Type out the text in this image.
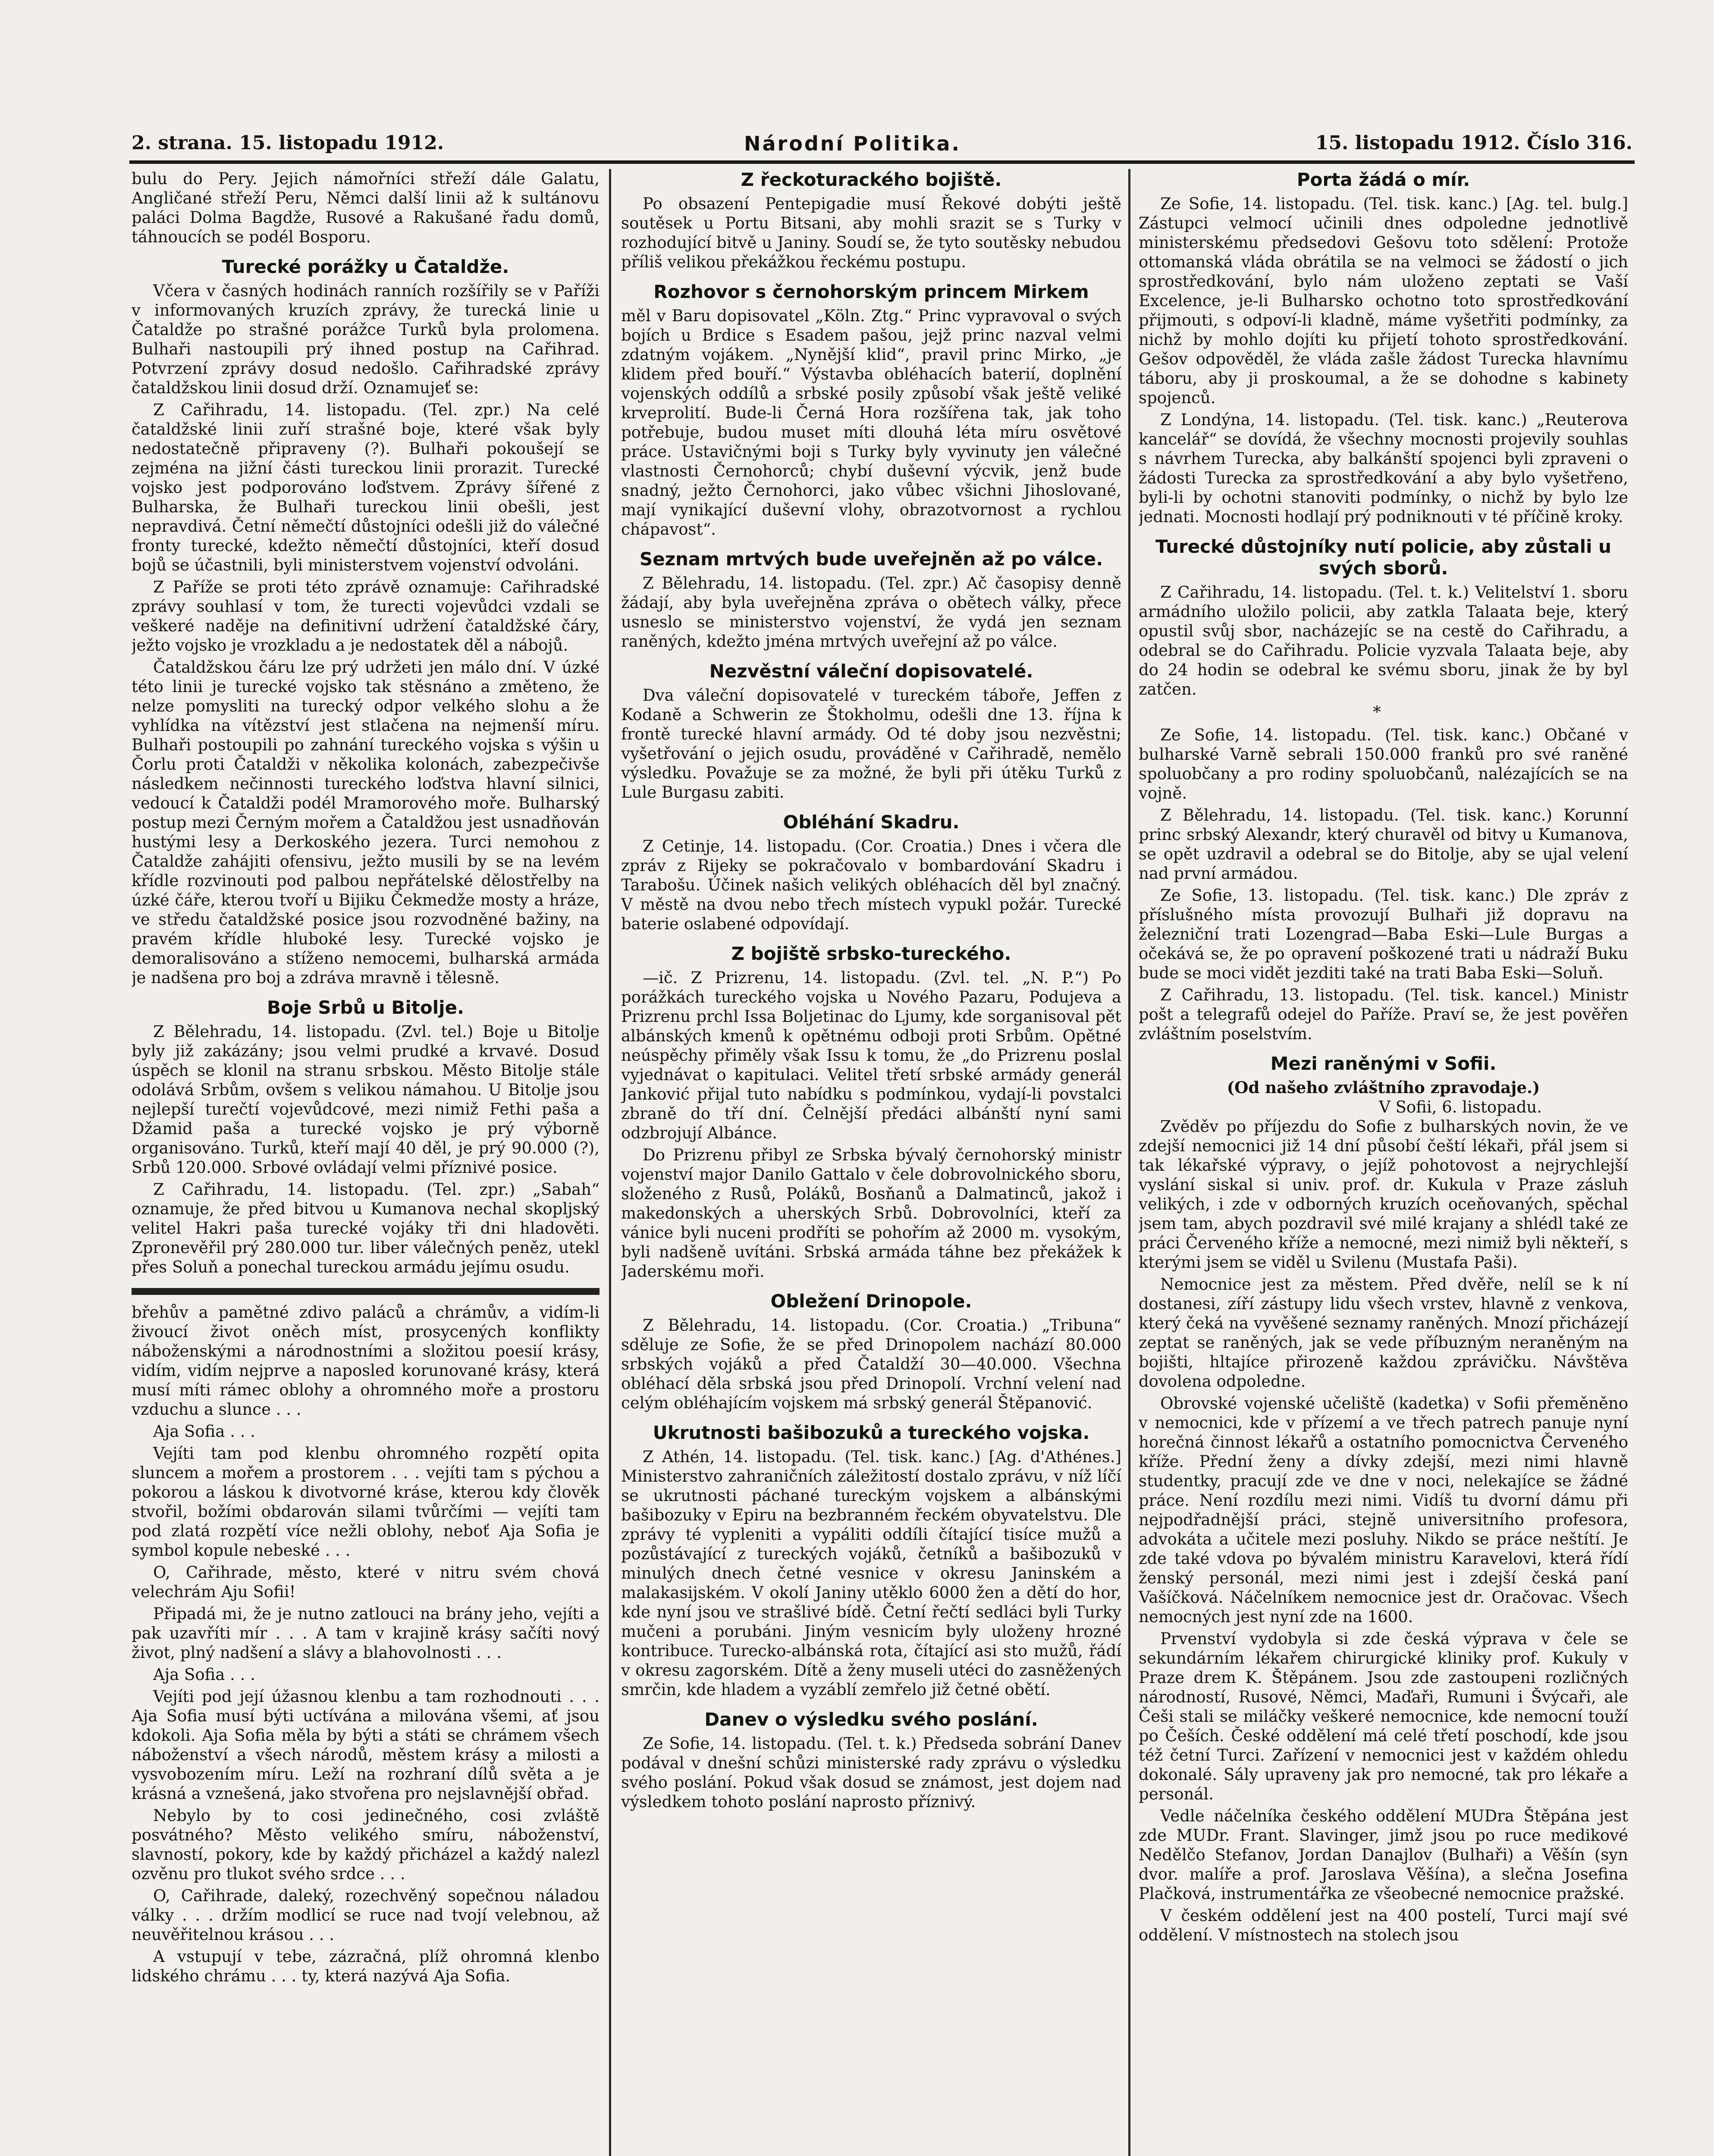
2. strana. 15. listopadu 1912.	Národní Politika.	15. listopadu 1912. Číslo 316.

bulu do Pery. Jejich námořníci střeží dále Galatu, Angličané střeží Peru, Němci další linii až k sultánovu paláci Dolma Bagdže, Rusové a Rakušané řadu domů, táhnoucích se podél Bosporu.

Turecké porážky u Čataldže.

Včera v časných hodinách ranních rozšířily se v Paříži v informovaných kruzích zprávy, že turecká linie u Čataldže po strašné porážce Turků byla prolomena. Bulhaři nastoupili prý ihned postup na Cařihrad. Potvrzení zprávy dosud nedošlo. Cařihradské zprávy čataldžskou linii dosud drží. Oznamujeť se:

Z Cařihradu, 14. listopadu. (Tel. zpr.) Na celé čataldžské linii zuří strašné boje, které však byly nedostatečně připraveny (?). Bulhaři pokoušejí se zejména na jižní části tureckou linii prorazit. Turecké vojsko jest podporováno loďstvem. Zprávy šířené z Bulharska, že Bulhaři tureckou linii obešli, jest nepravdivá. Četní němečtí důstojníci odešli již do válečné fronty turecké, kdežto němečtí důstojníci, kteří dosud bojů se účastnili, byli ministerstvem vojenství odvoláni.

Z Paříže se proti této zprávě oznamuje: Cařihradské zprávy souhlasí v tom, že turecti vojevůdci vzdali se veškeré naděje na definitivní udržení čataldžské čáry, ježto vojsko je vrozkladu a je nedostatek děl a nábojů.

Čataldžskou čáru lze prý udržeti jen málo dní. V úzké této linii je turecké vojsko tak stěsnáno a změteno, že nelze pomysliti na turecký odpor velkého slohu a že vyhlídka na vítězství jest stlačena na nejmenší míru. Bulhaři postoupili po zahnání tureckého vojska s výšin u Čorlu proti Čataldži v několika kolonách, zabezpečivše následkem nečinnosti tureckého loďstva hlavní silnici, vedoucí k Čataldži podél Mramorového moře. Bulharský postup mezi Černým mořem a Čataldžou jest usnadňován hustými lesy a Derkoského jezera. Turci nemohou z Čataldže zahájiti ofensivu, ježto musili by se na levém křídle rozvinouti pod palbou nepřátelské dělostřelby na úzké čáře, kterou tvoří u Bijiku Čekmedže mosty a hráze, ve středu čataldžské posice jsou rozvodněné bažiny, na pravém křídle hluboké lesy. Turecké vojsko je demoralisováno a stíženo nemocemi, bulharská armáda je nadšena pro boj a zdráva mravně i tělesně.

Boje Srbů u Bitolje.

Z Bělehradu, 14. listopadu. (Zvl. tel.) Boje u Bitolje byly již zakázány; jsou velmi prudké a krvavé. Dosud úspěch se klonil na stranu srbskou. Město Bitolje stále odolává Srbům, ovšem s velikou námahou. U Bitolje jsou nejlepší turečtí vojevůdcové, mezi nimiž Fethi paša a Džamid paša a turecké vojsko je prý výborně organisováno. Turků, kteří mají 40 děl, je prý 90.000 (?), Srbů 120.000. Srbové ovládají velmi příznivé posice.

Z Cařihradu, 14. listopadu. (Tel. zpr.) „Sabah“ oznamuje, že před bitvou u Kumanova nechal skopljský velitel Hakri paša turecké vojáky tři dni hladověti. Zpronevěřil prý 280.000 tur. liber válečných peněz, utekl přes Soluň a ponechal tureckou armádu jejímu osudu.

břehův a pamětné zdivo paláců a chrámův, a vidím-li živoucí život oněch míst, prosycených konflikty náboženskými a národnostními a složitou poesií krásy, vidím, vidím nejprve a naposled korunované krásy, která musí míti rámec oblohy a ohromného moře a prostoru vzduchu a slunce . . .

Aja Sofia . . .

Vejíti tam pod klenbu ohromného rozpětí opita sluncem a mořem a prostorem . . . vejíti tam s pýchou a pokorou a láskou k divotvorné kráse, kterou kdy člověk stvořil, božími obdarován silami tvůrčími — vejíti tam pod zlatá rozpětí více nežli oblohy, neboť Aja Sofia je symbol kopule nebeské . . .

O, Cařihrade, město, které v nitru svém chová velechrám Aju Sofii!

Připadá mi, že je nutno zatlouci na brány jeho, vejíti a pak uzavříti mír . . . A tam v krajině krásy sačíti nový život, plný nadšení a slávy a blahovolnosti . . .

Aja Sofia . . .

Vejíti pod její úžasnou klenbu a tam rozhodnouti . . . Aja Sofia musí býti uctívána a milována všemi, ať jsou kdokoli. Aja Sofia měla by býti a státi se chrámem všech náboženství a všech národů, městem krásy a milosti a vysvobozením míru. Leží na rozhraní dílů světa a je krásná a vznešená, jako stvořena pro nejslavnější obřad.

Nebylo by to cosi jedinečného, cosi zvláště posvátného? Město velikého smíru, náboženství, slavností, pokory, kde by každý přicházel a každý nalezl ozvěnu pro tlukot svého srdce . . .

O, Cařihrade, daleký, rozechvěný sopečnou náladou války . . . držím modlicí se ruce nad tvojí velebnou, až neuvěřitelnou krásou . . .

A vstupují v tebe, zázračná, plíž ohromná klenbo lidského chrámu . . . ty, která nazývá Aja Sofia.

Z řeckoturackého bojiště.

Po obsazení Pentepigadie musí Řekové dobýti ještě soutěsek u Portu Bitsani, aby mohli srazit se s Turky v rozhodující bitvě u Janiny. Soudí se, že tyto soutěsky nebudou příliš velikou překážkou řeckému postupu.

Rozhovor s černohorským princem Mirkem

měl v Baru dopisovatel „Köln. Ztg.“ Princ vypravoval o svých bojích u Brdice s Esadem pašou, jejž princ nazval velmi zdatným vojákem. „Nynější klid“, pravil princ Mirko, „je klidem před bouří.“ Výstavba obléhacích baterií, doplnění vojenských oddílů a srbské posily způsobí však ještě veliké krveprolití. Bude-li Černá Hora rozšířena tak, jak toho potřebuje, budou muset míti dlouhá léta míru osvětové práce. Ustavičnými boji s Turky byly vyvinuty jen válečné vlastnosti Černohorců; chybí duševní výcvik, jenž bude snadný, ježto Černohorci, jako vůbec všichni Jihoslované, mají vynikající duševní vlohy, obrazotvornost a rychlou chápavost“.

Seznam mrtvých bude uveřejněn až po válce.

Z Bělehradu, 14. listopadu. (Tel. zpr.) Ač časopisy denně žádají, aby byla uveřejněna zpráva o obětech války, přece usneslo se ministerstvo vojenství, že vydá jen seznam raněných, kdežto jména mrtvých uveřejní až po válce.

Nezvěstní váleční dopisovatelé.

Dva váleční dopisovatelé v tureckém táboře, Jeffen z Kodaně a Schwerin ze Štokholmu, odešli dne 13. října k frontě turecké hlavní armády. Od té doby jsou nezvěstni; vyšetřování o jejich osudu, prováděné v Cařihradě, nemělo výsledku. Považuje se za možné, že byli při útěku Turků z Lule Burgasu zabiti.

Obléhání Skadru.

Z Cetinje, 14. listopadu. (Cor. Croatia.) Dnes i včera dle zpráv z Rijeky se pokračovalo v bombardování Skadru i Tarabošu. Účinek našich velikých obléhacích děl byl značný. V městě na dvou nebo třech místech vypukl požár. Turecké baterie oslabené odpovídají.

Z bojiště srbsko-tureckého.

—ič. Z Prizrenu, 14. listopadu. (Zvl. tel. „N. P.“) Po porážkách tureckého vojska u Nového Pazaru, Podujeva a Prizrenu prchl Issa Boljetinac do Ljumy, kde sorganisoval pět albánských kmenů k opětnému odboji proti Srbům. Opětné neúspěchy přiměly však Issu k tomu, že „do Prizrenu poslal vyjednávat o kapitulaci. Velitel třetí srbské armády generál Janković přijal tuto nabídku s podmínkou, vydají-li povstalci zbraně do tří dní. Čelnější předáci albánští nyní sami odzbrojují Albánce.

Do Prizrenu přibyl ze Srbska bývalý černohorský ministr vojenství major Danilo Gattalo v čele dobrovolnického sboru, složeného z Rusů, Poláků, Bosňanů a Dalmatinců, jakož i makedonských a uherských Srbů. Dobrovolníci, kteří za vánice byli nuceni prodříti se pohořím až 2000 m. vysokým, byli nadšeně uvítáni. Srbská armáda táhne bez překážek k Jaderskému moři.

Obležení Drinopole.

Z Bělehradu, 14. listopadu. (Cor. Croatia.) „Tribuna“ sděluje ze Sofie, že se před Drinopolem nachází 80.000 srbských vojáků a před Čataldží 30—40.000. Všechna obléhací děla srbská jsou před Drinopolí. Vrchní velení nad celým obléhajícím vojskem má srbský generál Štěpanović.

Ukrutnosti bašibozuků a tureckého vojska.

Z Athén, 14. listopadu. (Tel. tisk. kanc.) [Ag. d'Athénes.] Ministerstvo zahraničních záležitostí dostalo zprávu, v níž líčí se ukrutnosti páchané tureckým vojskem a albánskými bašibozuky v Epiru na bezbranném řeckém obyvatelstvu. Dle zprávy té vypleniti a vypáliti oddíli čítající tisíce mužů a pozůstávající z tureckých vojáků, četníků a bašibozuků v minulých dnech četné vesnice v okresu Janinském a malakasijském. V okolí Janiny utěklo 6000 žen a dětí do hor, kde nyní jsou ve strašlivé bídě. Četní řečtí sedláci byli Turky mučeni a porubáni. Jiným vesnicím byly uloženy hrozné kontribuce. Turecko-albánská rota, čítající asi sto mužů, řádí v okresu zagorském. Dítě a ženy museli utéci do zasněžených smrčin, kde hladem a vyzáblí zemřelo již četné obětí.

Danev o výsledku svého poslání.

Ze Sofie, 14. listopadu. (Tel. t. k.) Předseda sobrání Danev podával v dnešní schůzi ministerské rady zprávu o výsledku svého poslání. Pokud však dosud se známost, jest dojem nad výsledkem tohoto poslání naprosto příznivý.

Porta žádá o mír.

Ze Sofie, 14. listopadu. (Tel. tisk. kanc.) [Ag. tel. bulg.] Zástupci velmocí učinili dnes odpoledne jednotlivě ministerskému předsedovi Gešovu toto sdělení: Protože ottomanská vláda obrátila se na velmoci se žádostí o jich sprostředkování, bylo nám uloženo zeptati se Vaší Excelence, je-li Bulharsko ochotno toto sprostředkování přijmouti, s odpoví-li kladně, máme vyšetřiti podmínky, za nichž by mohlo dojíti ku přijetí tohoto sprostředkování. Gešov odpověděl, že vláda zašle žádost Turecka hlavnímu táboru, aby ji proskoumal, a že se dohodne s kabinety spojenců.

Z Londýna, 14. listopadu. (Tel. tisk. kanc.) „Reuterova kancelář“ se dovídá, že všechny mocnosti projevily souhlas s návrhem Turecka, aby balkánští spojenci byli zpraveni o žádosti Turecka za sprostředkování a aby bylo vyšetřeno, byli-li by ochotni stanoviti podmínky, o nichž by bylo lze jednati. Mocnosti hodlají prý podniknouti v té příčině kroky.

Turecké důstojníky nutí policie, aby zůstali u svých sborů.

Z Cařihradu, 14. listopadu. (Tel. t. k.) Velitelství 1. sboru armádního uložilo policii, aby zatkla Talaata beje, který opustil svůj sbor, nacházejíc se na cestě do Cařihradu, a odebral se do Cařihradu. Policie vyzvala Talaata beje, aby do 24 hodin se odebral ke svému sboru, jinak že by byl zatčen.

*

Ze Sofie, 14. listopadu. (Tel. tisk. kanc.) Občané v bulharské Varně sebrali 150.000 franků pro své raněné spoluobčany a pro rodiny spoluobčanů, nalézajících se na vojně.

Z Bělehradu, 14. listopadu. (Tel. tisk. kanc.) Korunní princ srbský Alexandr, který churavěl od bitvy u Kumanova, se opět uzdravil a odebral se do Bitolje, aby se ujal velení nad první armádou.

Ze Sofie, 13. listopadu. (Tel. tisk. kanc.) Dle zpráv z příslušného místa provozují Bulhaři již dopravu na železniční trati Lozengrad—Baba Eski—Lule Burgas a očekává se, že po opravení poškozené trati u nádraží Buku bude se moci vidět jezditi také na trati Baba Eski—Soluň.

Z Cařihradu, 13. listopadu. (Tel. tisk. kancel.) Ministr pošt a telegrafů odejel do Paříže. Praví se, že jest pověřen zvláštním poselstvím.

Mezi raněnými v Sofii.
(Od našeho zvláštního zpravodaje.)
V Sofii, 6. listopadu.

Zvěděv po příjezdu do Sofie z bulharských novin, že ve zdejší nemocnici již 14 dní působí čeští lékaři, přál jsem si tak lékařské výpravy, o jejíž pohotovost a nejrychlejší vyslání siskal si univ. prof. dr. Kukula v Praze zásluh velikých, i zde v odborných kruzích oceňovaných, spěchal jsem tam, abych pozdravil své milé krajany a shlédl také ze práci Červeného kříže a nemocné, mezi nimiž byli někteří, s kterými jsem se viděl u Svilenu (Mustafa Paši).

Nemocnice jest za městem. Před dvěře, nelíl se k ní dostanesi, zíří zástupy lidu všech vrstev, hlavně z venkova, který čeká na vyvěšené seznamy raněných. Mnozí přicházejí zeptat se raněných, jak se vede příbuzným neraněným na bojišti, hltajíce přirozeně každou zprávičku. Návštěva dovolena odpoledne.

Obrovské vojenské učeliště (kadetka) v Sofii přeměněno v nemocnici, kde v přízemí a ve třech patrech panuje nyní horečná činnost lékařů a ostatního pomocnictva Červeného kříže. Přední ženy a dívky zdejší, mezi nimi hlavně studentky, pracují zde ve dne v noci, nelekajíce se žádné práce. Není rozdílu mezi nimi. Vidíš tu dvorní dámu při nejpodřadnější práci, stejně universitního profesora, advokáta a učitele mezi posluhy. Nikdo se práce neštítí. Je zde také vdova po bývalém ministru Karavelovi, která řídí ženský personál, mezi nimi jest i zdejší česká paní Vašíčková. Náčelníkem nemocnice jest dr. Oračovac. Všech nemocných jest nyní zde na 1600.

Prvenství vydobyla si zde česká výprava v čele se sekundárním lékařem chirurgické kliniky prof. Kukuly v Praze drem K. Štěpánem. Jsou zde zastoupeni rozličných národností, Rusové, Němci, Maďaři, Rumuni i Švýcaři, ale Češi stali se miláčky veškeré nemocnice, kde nemocní touží po Češích. České oddělení má celé třetí poschodí, kde jsou též četní Turci. Zařízení v nemocnici jest v každém ohledu dokonalé. Sály upraveny jak pro nemocné, tak pro lékaře a personál.

Vedle náčelníka českého oddělení MUDra Štěpána jest zde MUDr. Frant. Slavinger, jimž jsou po ruce medikové Nedělčo Stefanov, Jordan Danajlov (Bulhaři) a Věšín (syn dvor. malíře a prof. Jaroslava Věšína), a slečna Josefina Plačková, instrumentářka ze všeobecné nemocnice pražské.

V českém oddělení jest na 400 postelí, Turci mají své oddělení. V místnostech na stolech jsou
